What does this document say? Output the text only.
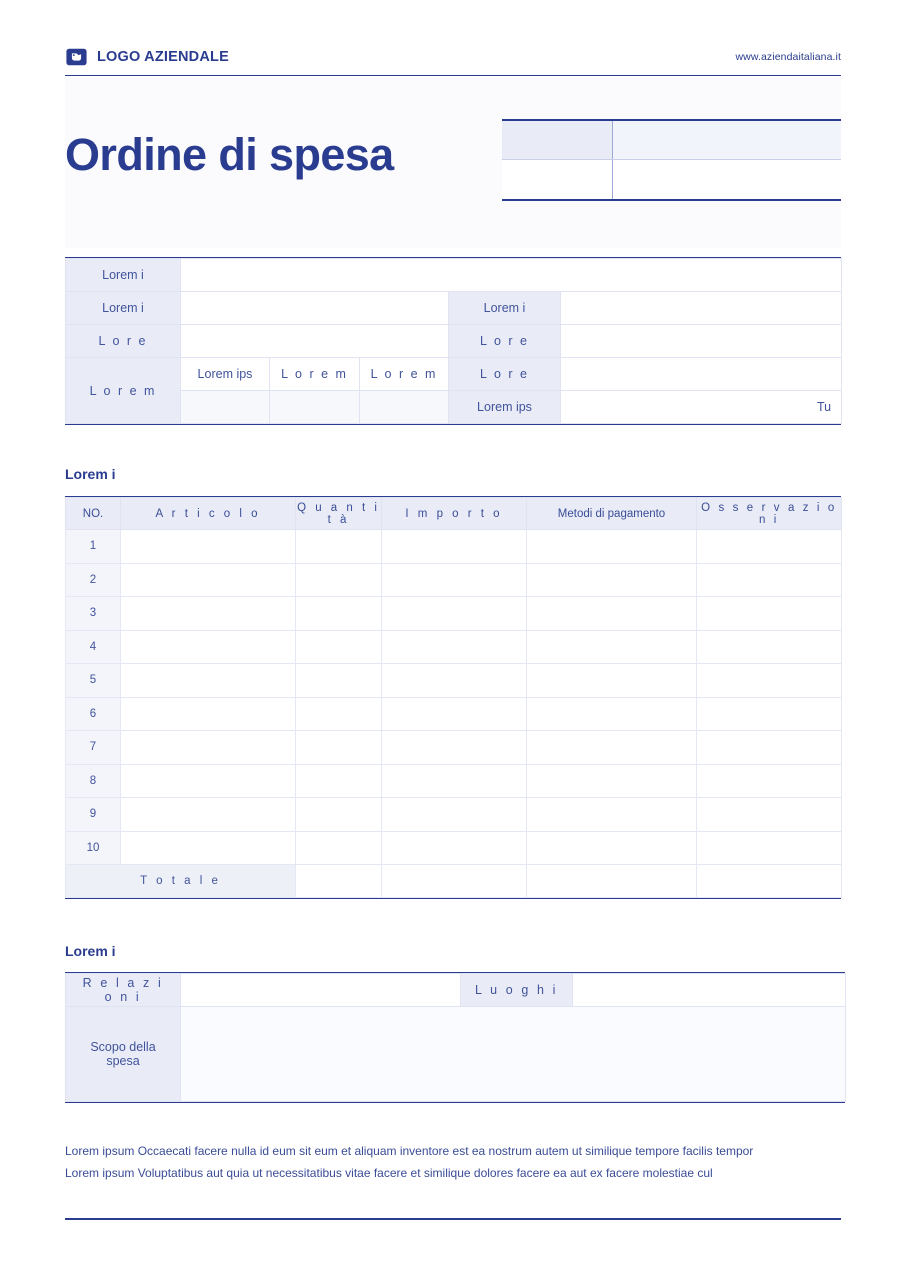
LOGO AZIENDALE	www.aziendaitaliana.it
Ordine di spesa
Lorem i					
Lorem i				Lorem i	
L o r e				L o r e	
L o r e m	Lorem ips	L o r e m	L o r e m	L o r e	
				Lorem ips	Tu
Lorem i
NO.	A r t i c o l o	Q u a n t i t à	I m p o r t o	Metodi di pagamento	O s s e r v a z i o n i
1					
2					
3					
4					
5					
6					
7					
8					
9					
10					
T o t a l e					
Lorem i
R e l a z i o n i		L u o g h i	
Scopo della spesa			
Lorem ipsum Occaecati facere nulla id eum sit eum et aliquam inventore est ea nostrum autem ut similique tempore facilis tempor
Lorem ipsum Voluptatibus aut quia ut necessitatibus vitae facere et similique dolores facere ea aut ex facere molestiae cul
